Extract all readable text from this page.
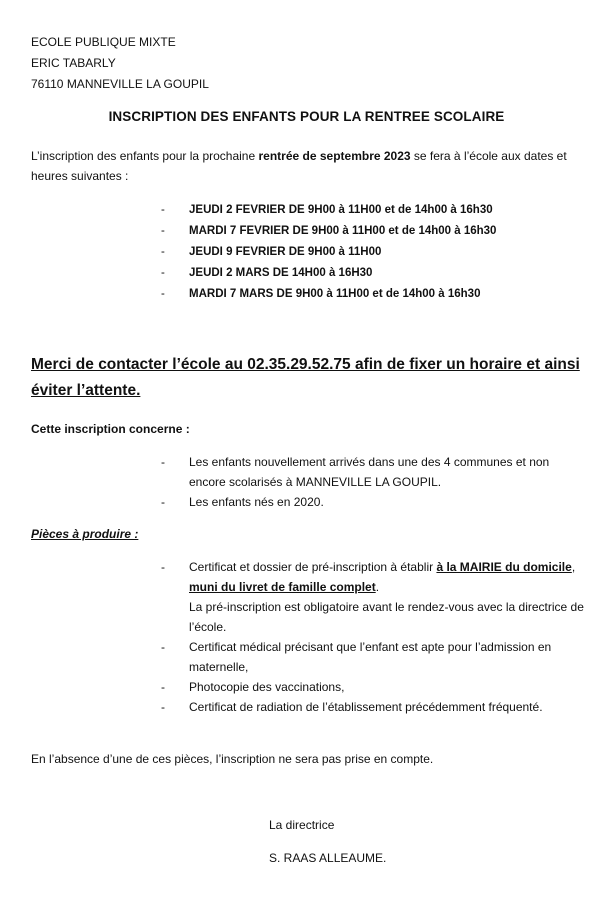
ECOLE PUBLIQUE MIXTE
ERIC TABARLY
76110 MANNEVILLE LA GOUPIL
INSCRIPTION DES ENFANTS POUR LA RENTREE SCOLAIRE
L’inscription des enfants pour la prochaine rentrée de septembre 2023 se fera à l’école aux dates et heures suivantes :
- JEUDI 2 FEVRIER DE 9H00 à 11H00 et de 14h00 à 16h30
- MARDI 7 FEVRIER DE 9H00 à 11H00 et de 14h00 à 16h30
- JEUDI 9 FEVRIER DE 9H00 à 11H00
- JEUDI 2 MARS DE 14H00 à 16H30
- MARDI 7 MARS DE 9H00 à 11H00 et de 14h00 à 16h30
Merci de contacter l’école au 02.35.29.52.75 afin de fixer un horaire et ainsi éviter l’attente.
Cette inscription concerne :
- Les enfants nouvellement arrivés dans une des 4 communes et non encore scolarisés à MANNEVILLE LA GOUPIL.
- Les enfants nés en 2020.
Pièces à produire :
- Certificat et dossier de pré-inscription à établir à la MAIRIE du domicile, muni du livret de famille complet.
La pré-inscription est obligatoire avant le rendez-vous avec la directrice de l’école.
- Certificat médical précisant que l’enfant est apte pour l’admission en maternelle,
- Photocopie des vaccinations,
- Certificat de radiation de l’établissement précédemment fréquenté.
En l’absence d’une de ces pièces, l’inscription ne sera pas prise en compte.
La directrice
S. RAAS ALLEAUME.
